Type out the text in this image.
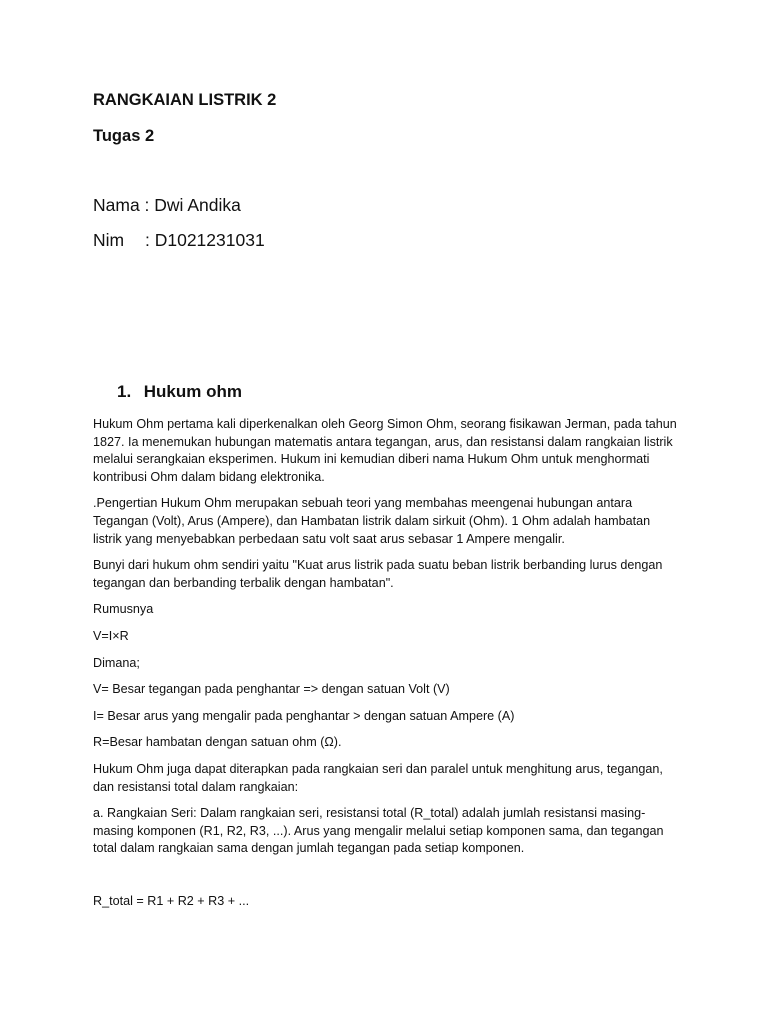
RANGKAIAN LISTRIK 2
Tugas 2

Nama : Dwi Andika

Nim : D1021231031

1. Hukum ohm

Hukum Ohm pertama kali diperkenalkan oleh Georg Simon Ohm, seorang fisikawan Jerman, pada tahun 1827. Ia menemukan hubungan matematis antara tegangan, arus, dan resistansi dalam rangkaian listrik melalui serangkaian eksperimen. Hukum ini kemudian diberi nama Hukum Ohm untuk menghormati kontribusi Ohm dalam bidang elektronika.

.Pengertian Hukum Ohm merupakan sebuah teori yang membahas meengenai hubungan antara Tegangan (Volt), Arus (Ampere), dan Hambatan listrik dalam sirkuit (Ohm). 1 Ohm adalah hambatan listrik yang menyebabkan perbedaan satu volt saat arus sebasar 1 Ampere mengalir.

Bunyi dari hukum ohm sendiri yaitu "Kuat arus listrik pada suatu beban listrik berbanding lurus dengan tegangan dan berbanding terbalik dengan hambatan".

Rumusnya

V=I×R

Dimana;

V= Besar tegangan pada penghantar => dengan satuan Volt (V)

I= Besar arus yang mengalir pada penghantar > dengan satuan Ampere (A)

R=Besar hambatan dengan satuan ohm (Ω).

Hukum Ohm juga dapat diterapkan pada rangkaian seri dan paralel untuk menghitung arus, tegangan, dan resistansi total dalam rangkaian:

a. Rangkaian Seri: Dalam rangkaian seri, resistansi total (R_total) adalah jumlah resistansi masing-masing komponen (R1, R2, R3, ...). Arus yang mengalir melalui setiap komponen sama, dan tegangan total dalam rangkaian sama dengan jumlah tegangan pada setiap komponen.

R_total = R1 + R2 + R3 + ...
